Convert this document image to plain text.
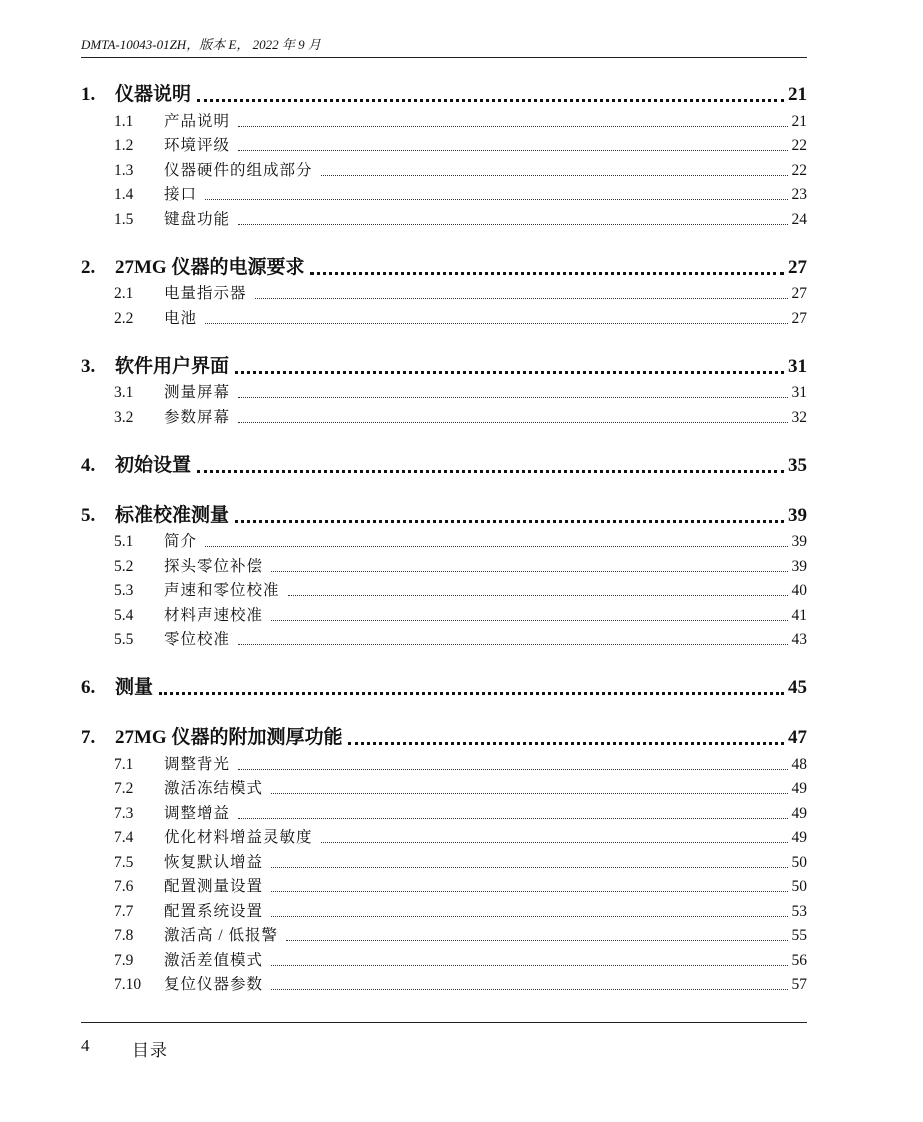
DMTA-10043-01ZH，版本 E， 2022 年 9 月
1.	仪器说明	21
1.1	产品说明	21
1.2	环境评级	22
1.3	仪器硬件的组成部分	22
1.4	接口	23
1.5	键盘功能	24
2.	27MG 仪器的电源要求	27
2.1	电量指示器	27
2.2	电池	27
3.	软件用户界面	31
3.1	测量屏幕	31
3.2	参数屏幕	32
4.	初始设置	35
5.	标准校准测量	39
5.1	简介	39
5.2	探头零位补偿	39
5.3	声速和零位校准	40
5.4	材料声速校准	41
5.5	零位校准	43
6.	测量	45
7.	27MG 仪器的附加测厚功能	47
7.1	调整背光	48
7.2	激活冻结模式	49
7.3	调整增益	49
7.4	优化材料增益灵敏度	49
7.5	恢复默认增益	50
7.6	配置测量设置	50
7.7	配置系统设置	53
7.8	激活高 / 低报警	55
7.9	激活差值模式	56
7.10	复位仪器参数	57
4	目录
